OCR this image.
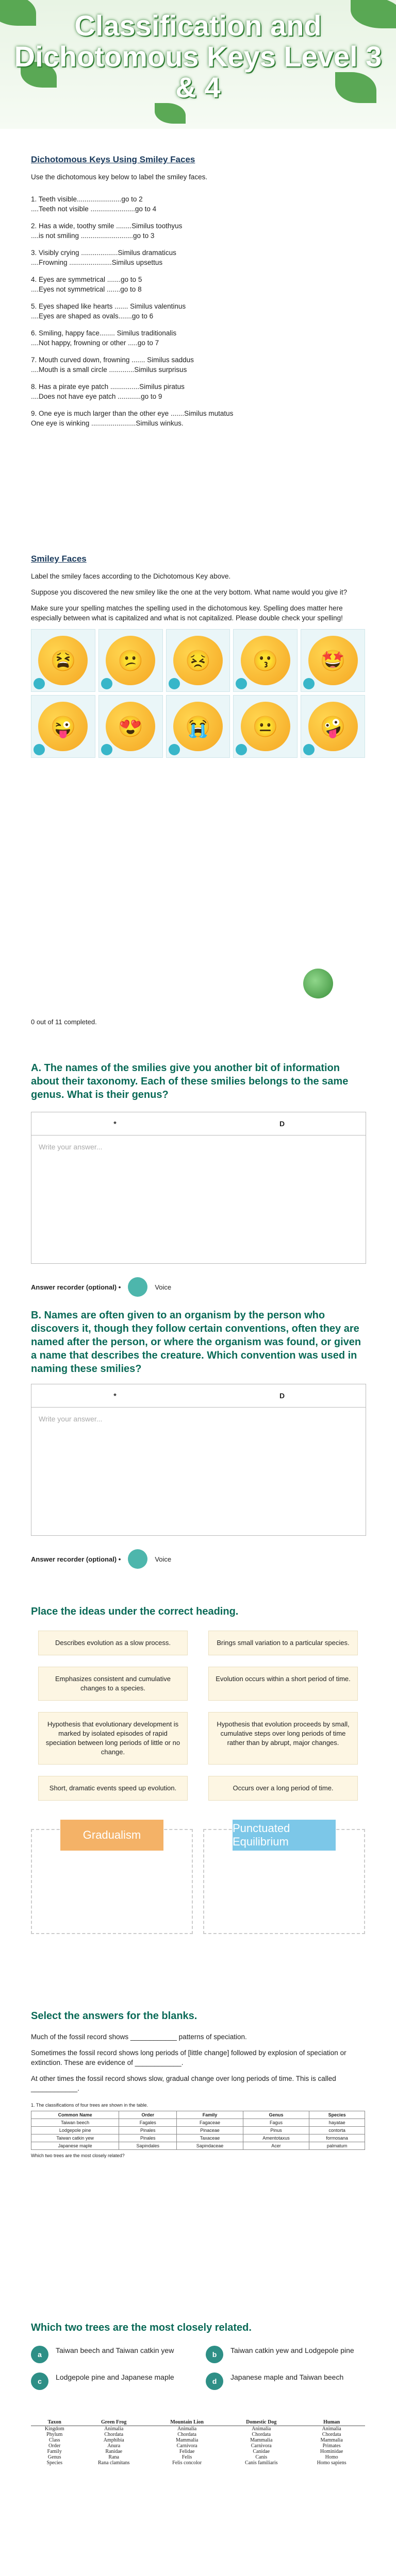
Classification and Dichotomous Keys Level 3 & 4
Dichotomous Keys Using Smiley Faces

Use the dichotomous key below to label the smiley faces.

1. Teeth visible.......................go to 2
....Teeth not visible .......................go to 4
2. Has a wide, toothy smile ........Similus toothyus
....is not smiling ...........................go to 3
3. Visibly crying ...................Similus dramaticus
....Frowning ......................Similus upsettus
4. Eyes are symmetrical .......go to 5
....Eyes not symmetrical .......go to 8
5. Eyes shaped like hearts ....... Similus valentinus
....Eyes are shaped as ovals.......go to 6
6. Smiling, happy face........ Similus traditionalis
....Not happy, frowning or other .....go to 7
7. Mouth curved down, frowning ....... Similus saddus
....Mouth is a small circle .............Similus surprisus
8. Has a pirate eye patch ...............Similus piratus
....Does not have eye patch ............go to 9
9. One eye is much larger than the other eye .......Similus mutatus
One eye is winking .......................Similus winkus.
Smiley Faces

Label the smiley faces according to the Dichotomous Key above.

Suppose you discovered the new smiley like the one at the very bottom. What name would you give it?

Make sure your spelling matches the spelling used in the dichotomous key. Spelling does matter here especially between what is capitalized and what is not capitalized. Please double check your spelling!

😫	😕	😣	😗	🤩
😜	😍	😭	😐	🤪
0 out of 11 completed.
A. The names of the smilies give you another bit of information about their taxonomy. Each of these smilies belongs to the same genus. What is their genus?
*	D
Write your answer...
Answer recorder (optional) •	Voice
B. Names are often given to an organism by the person who discovers it, though they follow certain conventions, often they are named after the person, or where the organism was found, or given a name that describes the creature. Which convention was used in naming these smilies?
*	D
Write your answer...
Answer recorder (optional) •	Voice
Place the ideas under the correct heading.
Describes evolution as a slow process.	Brings small variation to a particular species.
Emphasizes consistent and cumulative changes to a species.
Evolution occurs within a short period of time.
Hypothesis that evolutionary development is marked by isolated episodes of rapid speciation between long periods of little or no change.
Hypothesis that evolution proceeds by small, cumulative steps over long periods of time rather than by abrupt, major changes.
Short, dramatic events speed up evolution.	Occurs over a long period of time.
Gradualism
Punctuated Equilibrium
Select the answers for the blanks.

Much of the fossil record shows ____________ patterns of speciation.

Sometimes the fossil record shows long periods of [little change] followed by explosion of speciation or extinction. These are evidence of ____________.

At other times the fossil record shows slow, gradual change over long periods of time. This is called ____________.

1. The classifications of four trees are shown in the table.
Common Name	Order	Family	Genus	Species
Taiwan beech	Fagales	Fagaceae	Fagus	hayatae
Lodgepole pine	Pinales	Pinaceae	Pinus	contorta
Taiwan catkin yew	Pinales	Taxaceae	Amentotaxus	formosana
Japanese maple	Sapindales	Sapindaceae	Acer	palmatum
Which two trees are the most closely related?
Which two trees are the most closely related.
a	Taiwan beech and Taiwan catkin yew	b	Taiwan catkin yew and Lodgepole pine
c	Lodgepole pine and Japanese maple	d	Japanese maple and Taiwan beech
Taxon	Green Frog	Mountain Lion	Domestic Dog	Human
Kingdom	Animalia	Animalia	Animalia	Animalia
Phylum	Chordata	Chordata	Chordata	Chordata
Class	Amphibia	Mammalia	Mammalia	Mammalia
Order	Anura	Carnivora	Carnivora	Primates
Family	Ranidae	Felidae	Canidae	Hominidae
Genus	Rana	Felis	Canis	Homo
Species	Rana clamitans	Felis concolor	Canis familiaris	Homo sapiens
